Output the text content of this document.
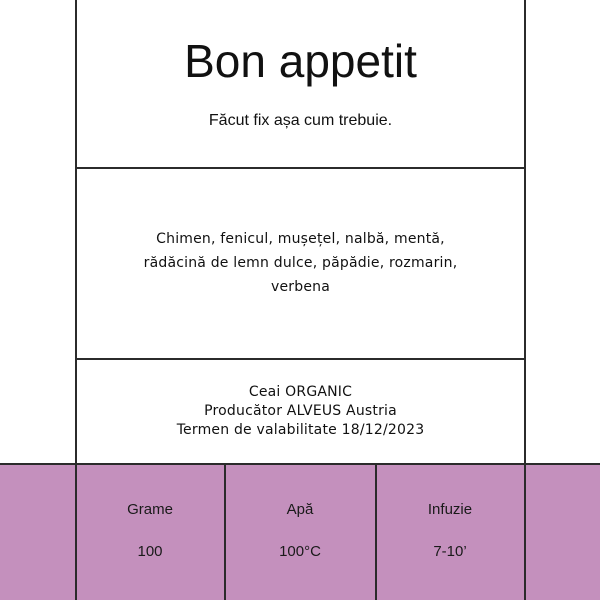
Bon appetit
Făcut fix așa cum trebuie.
Chimen, fenicul, mușețel, nalbă, mentă,
rădăcină de lemn dulce, păpădie, rozmarin,
verbena
Ceai ORGANIC
Producător ALVEUS Austria
Termen de valabilitate 18/12/2023
Grame
100
Apă
100°C
Infuzie
7-10’
